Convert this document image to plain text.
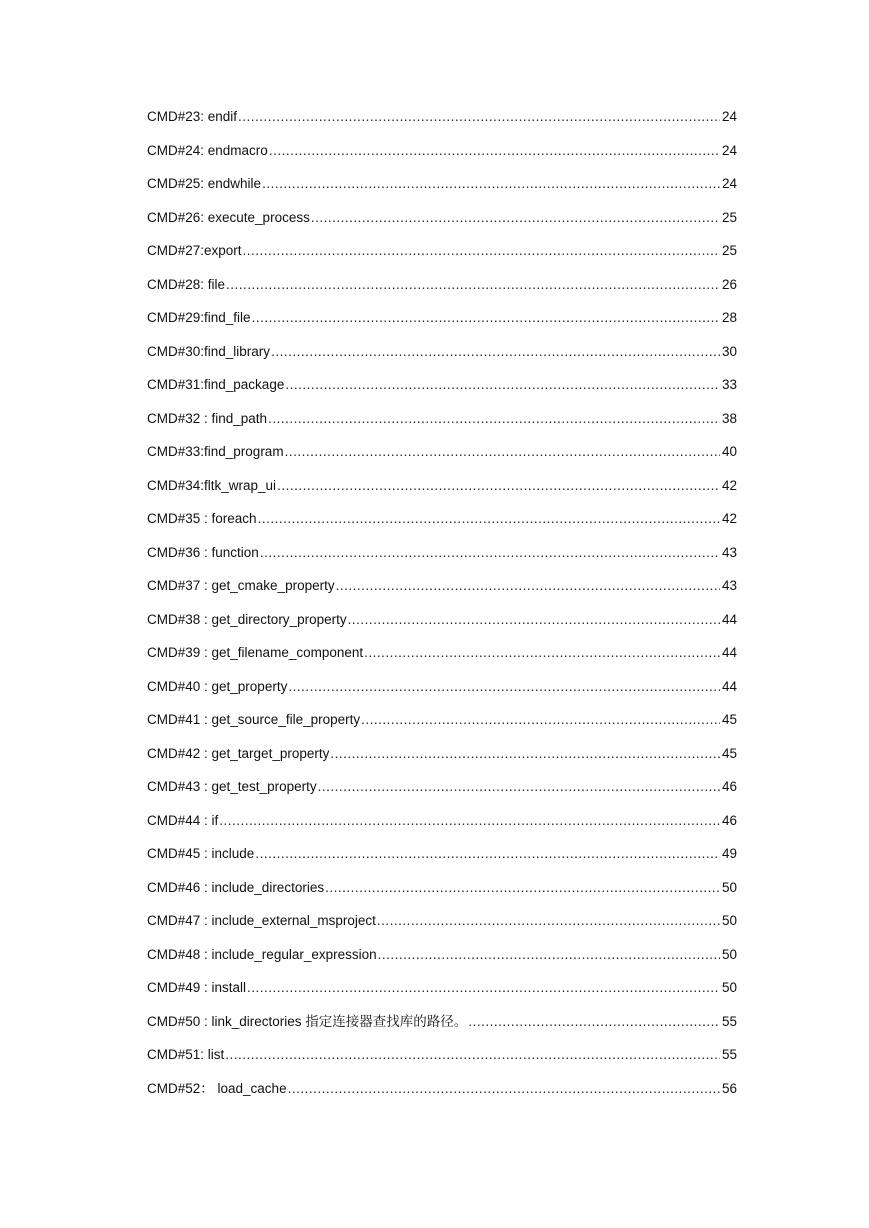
CMD#23: endif .....	24
CMD#24: endmacro .....	24
CMD#25: endwhile .....	24
CMD#26: execute_process .....	25
CMD#27:export .....	25
CMD#28: file .....	26
CMD#29:find_file .....	28
CMD#30:find_library .....	30
CMD#31:find_package .....	33
CMD#32 : find_path .....	38
CMD#33:find_program .....	40
CMD#34:fltk_wrap_ui .....	42
CMD#35 : foreach .....	42
CMD#36 : function .....	43
CMD#37 : get_cmake_property .....	43
CMD#38 : get_directory_property .....	44
CMD#39 : get_filename_component .....	44
CMD#40 : get_property .....	44
CMD#41 : get_source_file_property .....	45
CMD#42 : get_target_property .....	45
CMD#43 : get_test_property .....	46
CMD#44 : if .....	46
CMD#45 : include .....	49
CMD#46 : include_directories .....	50
CMD#47 : include_external_msproject .....	50
CMD#48 : include_regular_expression .....	50
CMD#49 : install .....	50
CMD#50 : link_directories 指定连接器查找库的路径。 .....	55
CMD#51: list .....	55
CMD#52： load_cache .....	56
